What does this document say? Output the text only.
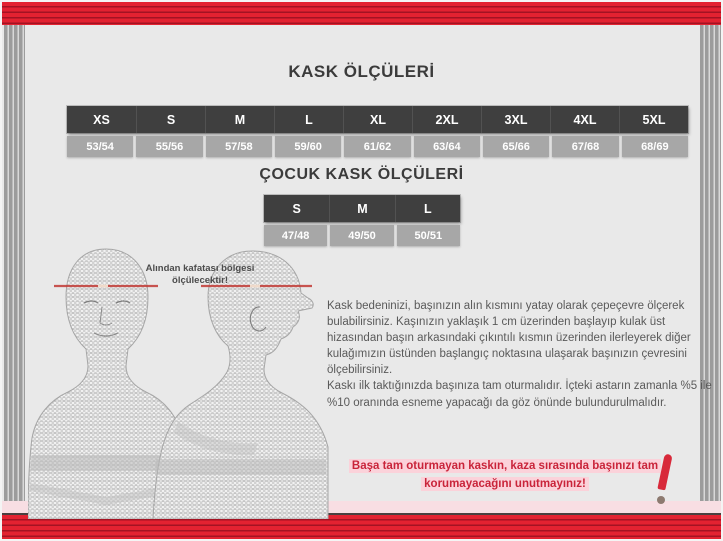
KASK ÖLÇÜLERİ
XS	S	M	L	XL	2XL	3XL	4XL	5XL
53/54	55/56	57/58	59/60	61/62	63/64	65/66	67/68	68/69
ÇOCUK KASK ÖLÇÜLERİ
S	M	L
47/48	49/50	50/51
Alından kafatası bölgesi ölçülecektir!

Kask bedeninizi, başınızın alın kısmını yatay olarak çepeçevre ölçerek bulabilirsiniz. Kaşınızın yaklaşık 1 cm üzerinden başlayıp kulak üst hizasından başın arkasındaki çıkıntılı kısmın üzerinden ilerleyerek diğer kulağımızın üstünden başlangıç noktasına ulaşarak başınızın çevresini ölçebilirsiniz.

Kaskı ilk taktığınızda başınıza tam oturmalıdır. İçteki astarın zamanla %5 ile %10 oranında esneme yapacağı da göz önünde bulundurulmalıdır.

Başa tam oturmayan kaskın, kaza sırasında başınızı tam korumayacağını unutmayınız!
